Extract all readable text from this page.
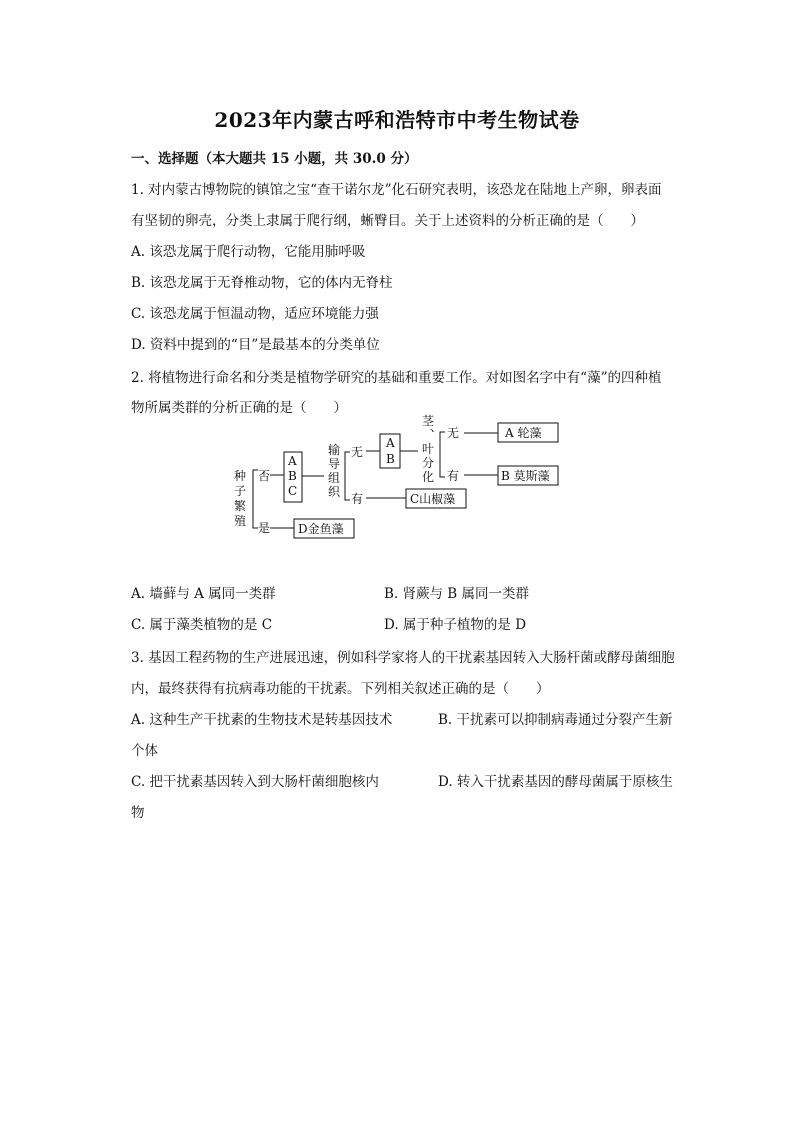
2023年内蒙古呼和浩特市中考生物试卷
一、选择题（本大题共 15 小题，共 30.0 分）
1. 对内蒙古博物院的镇馆之宝“查干诺尔龙”化石研究表明，该恐龙在陆地上产卵，卵表面
有坚韧的卵壳，分类上隶属于爬行纲，蜥臀目。关于上述资料的分析正确的是（　　）
A. 该恐龙属于爬行动物，它能用肺呼吸
B. 该恐龙属于无脊椎动物，它的体内无脊柱
C. 该恐龙属于恒温动物，适应环境能力强
D. 资料中提到的“目”是最基本的分类单位
2. 将植物进行命名和分类是植物学研究的基础和重要工作。对如图名字中有“藻”的四种植
物所属类群的分析正确的是（　　）
种
子
繁
殖
否
是
A
B
C
输
导
组
织
无
有
A
B
茎
、
叶
分
化
无
有
A 轮藻
B 莫斯藻
C山椒藻
D金鱼藻
A. 墙藓与 A 属同一类群	B. 肾蕨与 B 属同一类群
C. 属于藻类植物的是 C	D. 属于种子植物的是 D
3. 基因工程药物的生产进展迅速，例如科学家将人的干扰素基因转入大肠杆菌或酵母菌细胞
内，最终获得有抗病毒功能的干扰素。下列相关叙述正确的是（　　）
A. 这种生产干扰素的生物技术是转基因技术	B. 干扰素可以抑制病毒通过分裂产生新
个体
C. 把干扰素基因转入到大肠杆菌细胞核内	D. 转入干扰素基因的酵母菌属于原核生
物
